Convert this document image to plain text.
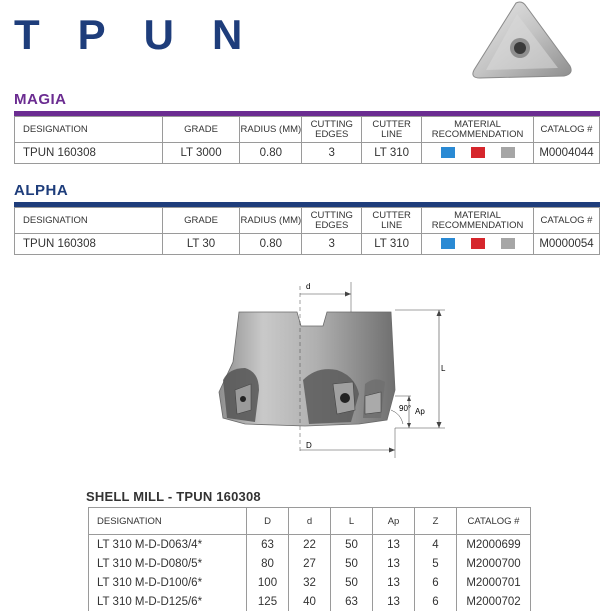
TPUN
MAGIA
DESIGNATION	GRADE	RADIUS (MM)	CUTTING EDGES	CUTTER LINE	MATERIAL RECOMMENDATION	CATALOG #
TPUN 160308	LT 3000	0.80	3	LT 310		M0004044
ALPHA
DESIGNATION	GRADE	RADIUS (MM)	CUTTING EDGES	CUTTER LINE	MATERIAL RECOMMENDATION	CATALOG #
TPUN 160308	LT 30	0.80	3	LT 310		M0000054
d
L
D
90° Ap
SHELL MILL - TPUN 160308
DESIGNATION	D	d	L	Ap	Z	CATALOG #
LT 310 M-D-D063/4*	63	22	50	13	4	M2000699
LT 310 M-D-D080/5*	80	27	50	13	5	M2000700
LT 310 M-D-D100/6*	100	32	50	13	6	M2000701
LT 310 M-D-D125/6*	125	40	63	13	6	M2000702
